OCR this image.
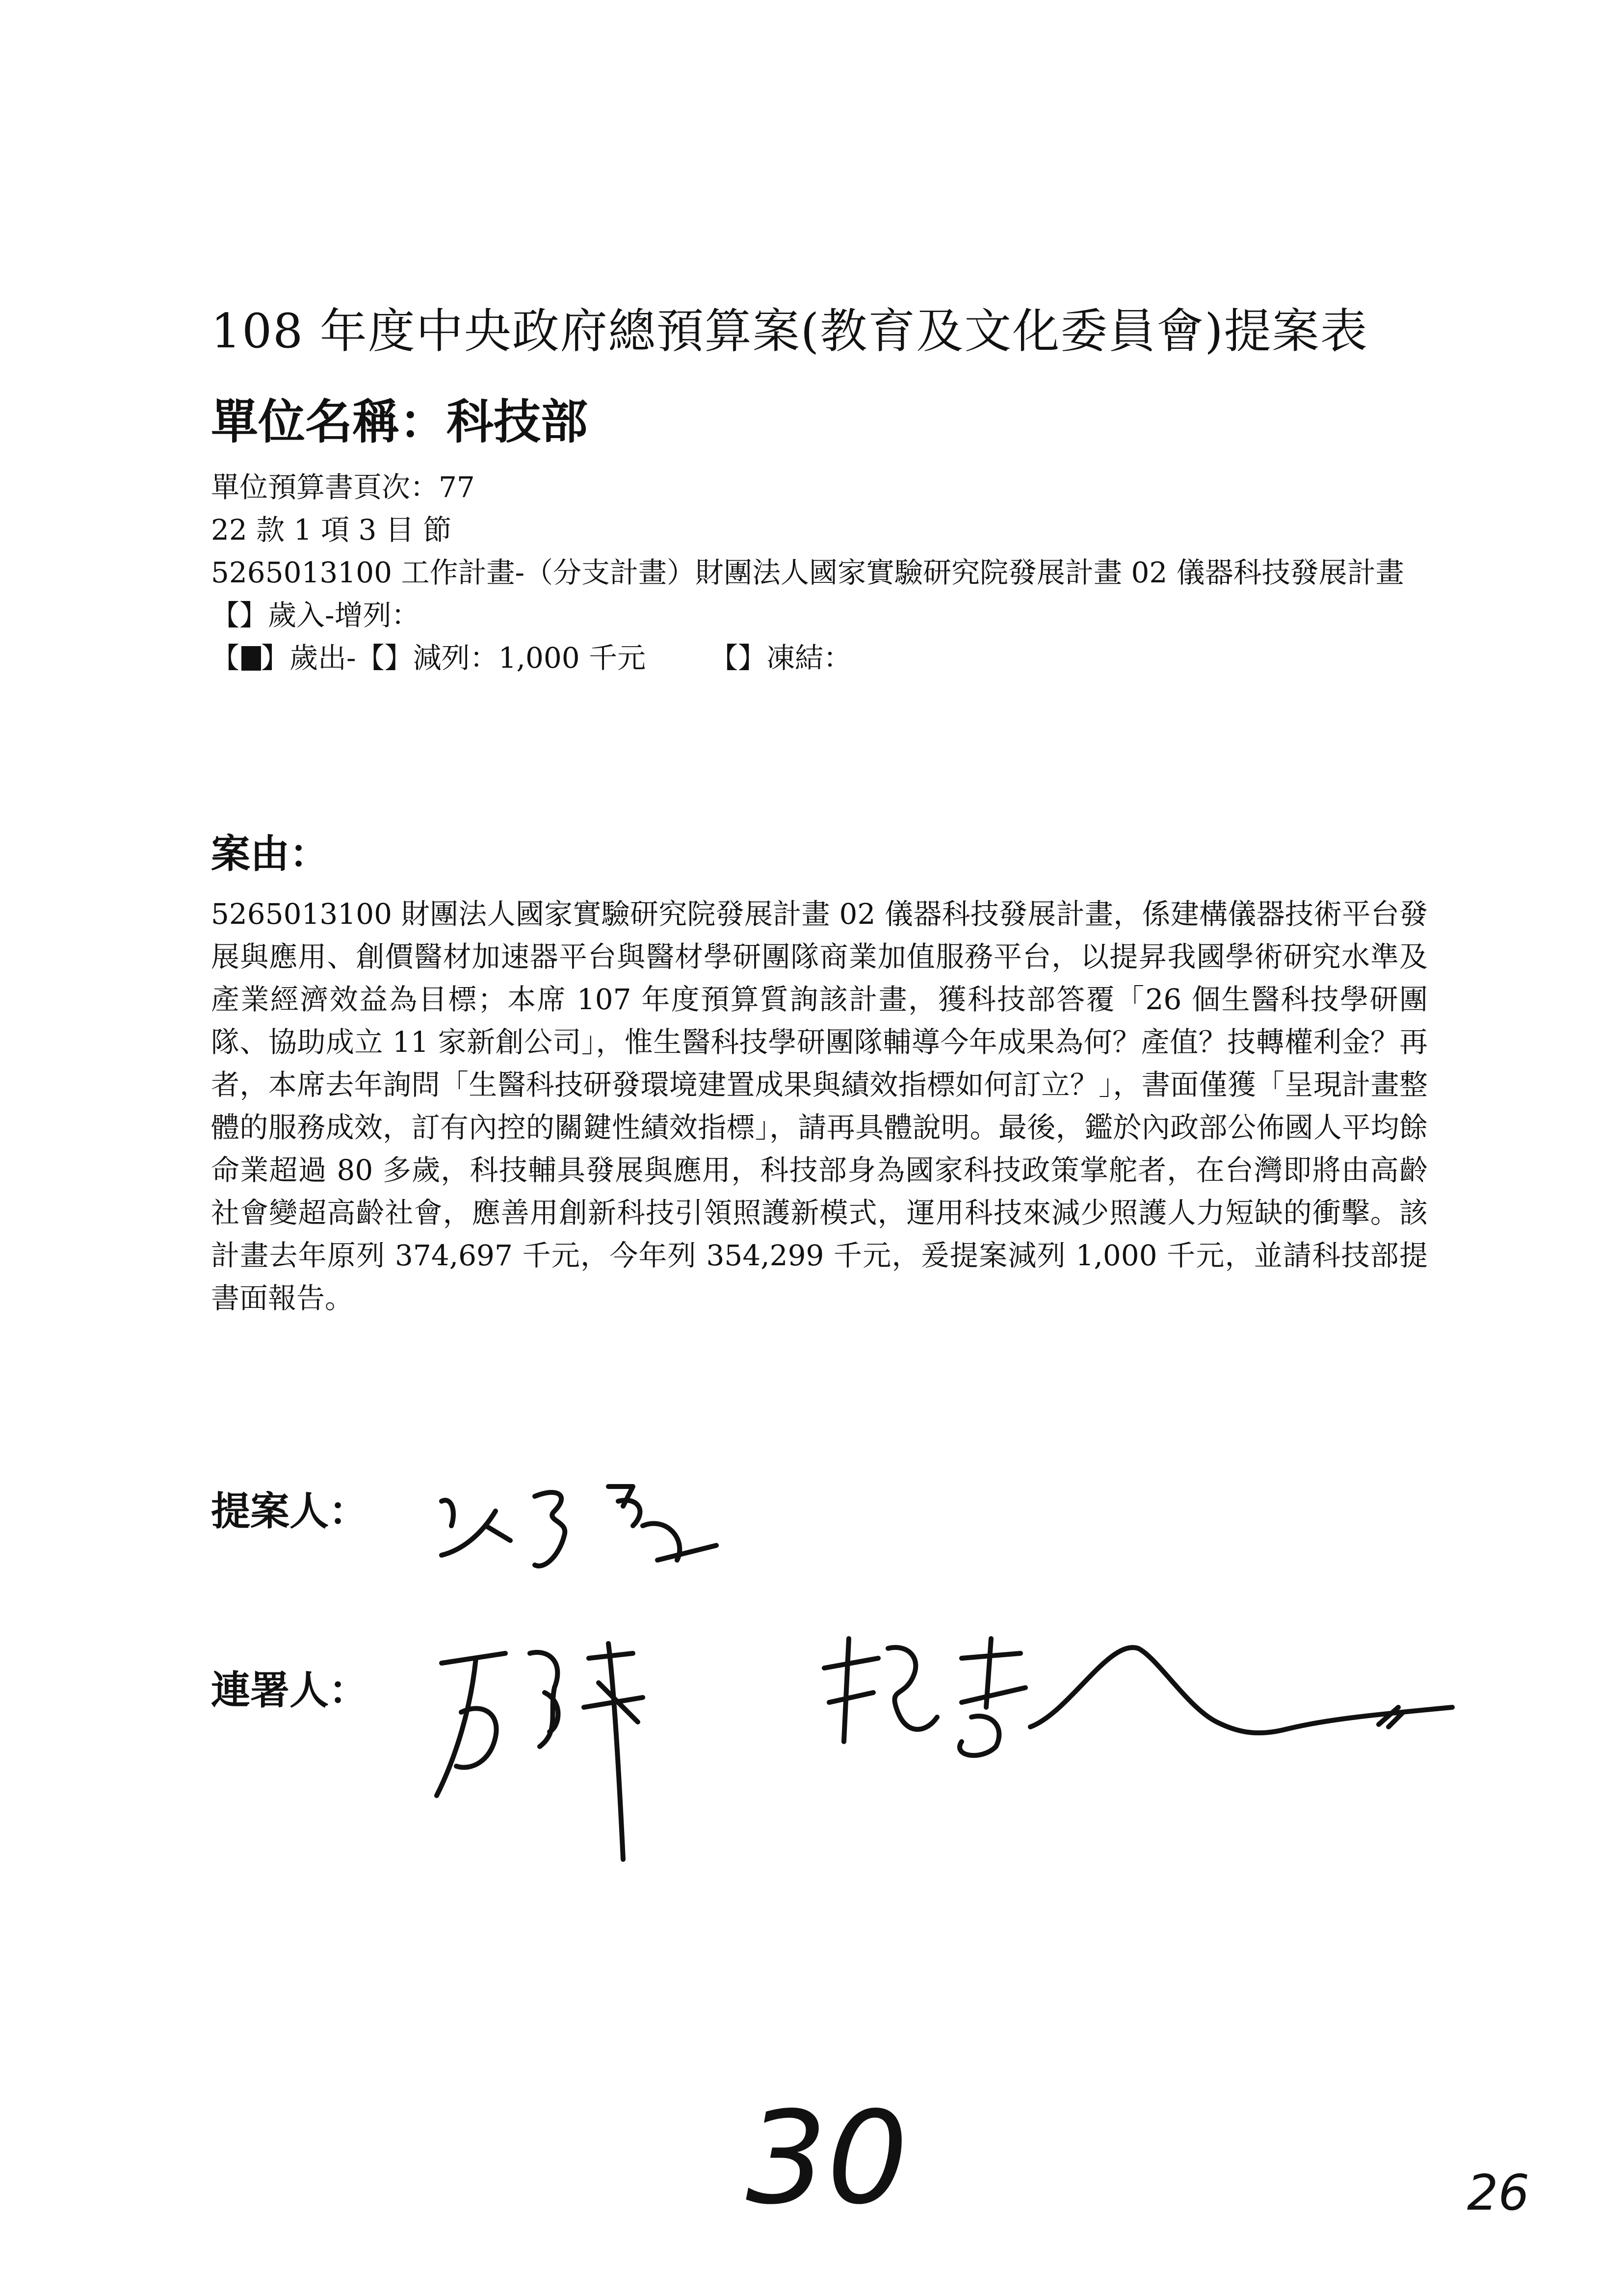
108 年度中央政府總預算案(教育及文化委員會)提案表
單位名稱：科技部
單位預算書頁次：77
22 款 1 項 3 目 節
5265013100 工作計畫-（分支計畫）財團法人國家實驗研究院發展計畫 02 儀器科技發展計畫
【】歲入-增列：
【 】歲出-【】減列：1,000 千元 【】凍結：
案由：
5265013100 財團法人國家實驗研究院發展計畫 02 儀器科技發展計畫，係建構儀器技術平台發展與應用、創價醫材加速器平台與醫材學研團隊商業加值服務平台，以提昇我國學術研究水準及產業經濟效益為目標；本席 107 年度預算質詢該計畫，獲科技部答覆「26 個生醫科技學研團隊、協助成立 11 家新創公司」，惟生醫科技學研團隊輔導今年成果為何？產值？技轉權利金？再者，本席去年詢問「生醫科技研發環境建置成果與績效指標如何訂立？」，書面僅獲「呈現計畫整體的服務成效，訂有內控的關鍵性績效指標」，請再具體說明。最後，鑑於內政部公佈國人平均餘命業超過 80 多歲，科技輔具發展與應用，科技部身為國家科技政策掌舵者，在台灣即將由高齡社會變超高齡社會，應善用創新科技引領照護新模式，運用科技來減少照護人力短缺的衝擊。該計畫去年原列 374,697 千元，今年列 354,299 千元，爰提案減列 1,000 千元，並請科技部提書面報告。
提案人：
連署人：
30	26
